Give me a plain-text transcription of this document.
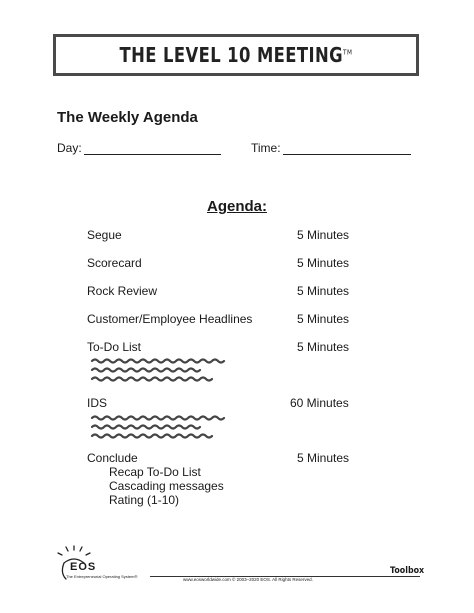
THE LEVEL 10 MEETING™
The Weekly Agenda
Day:	Time:
Agenda:
Segue	5 Minutes
Scorecard	5 Minutes
Rock Review	5 Minutes
Customer/Employee Headlines	5 Minutes
To-Do List	5 Minutes
IDS	60 Minutes
Conclude	5 Minutes
Recap To-Do List
Cascading messages
Rating (1-10)
EOS
The Entrepreneurial Operating System®
www.eosworldwide.com © 2003–2020 EOS. All Rights Reserved.
Toolbox
